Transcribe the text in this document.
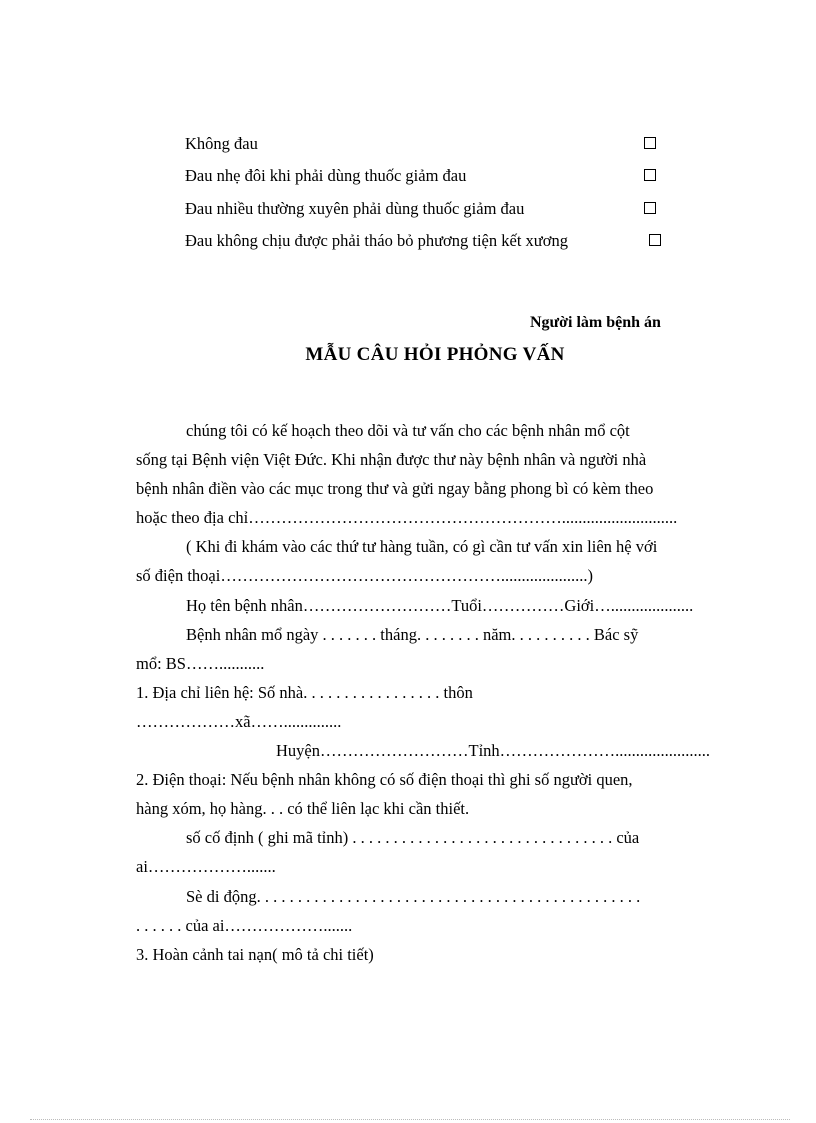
Không đau
Đau nhẹ đôi khi phải dùng thuốc giảm đau
Đau nhiều thường xuyên phải dùng thuốc giảm đau
Đau không chịu được phải tháo bỏ phương tiện kết xương
Người làm bệnh án
MẪU CÂU HỎI PHỎNG VẤN
chúng tôi có kế hoạch theo dõi và tư vấn cho các bệnh nhân mổ cột
sống tại Bệnh viện Việt Đức. Khi nhận được thư này bệnh nhân và người nhà
bệnh nhân điền vào các mục trong thư và gửi ngay bằng phong bì có kèm theo
hoặc theo địa chỉ…………………………………………………............................
( Khi đi khám vào các thứ tư hàng tuần, có gì cần tư vấn xin liên hệ với
số điện thoại…………………………………………….....................)
Họ tên bệnh nhân………………………Tuổi……………Giới…....................
Bệnh nhân mổ ngày . . . . . . . tháng. . . . . . . . năm. . . . . . . . . . Bác sỹ
mổ: BS……...........
1. Địa chỉ liên hệ: Số nhà. . . . . . . . . . . . . . . . . thôn
………………xã……..............
Huyện………………………Tỉnh………………….......................
2. Điện thoại: Nếu bệnh nhân không có số điện thoại thì ghi số người quen,
hàng xóm, họ hàng. . . có thể liên lạc khi cần thiết.
số cố định ( ghi mã tỉnh) . . . . . . . . . . . . . . . . . . . . . . . . . . . . . . . . của
ai……………….......
Sè di động. . . . . . . . . . . . . . . . . . . . . . . . . . . . . . . . . . . . . . . . . . . . . . .
. . . . . . của ai……………….......
3. Hoàn cảnh tai nạn( mô tả chi tiết)
